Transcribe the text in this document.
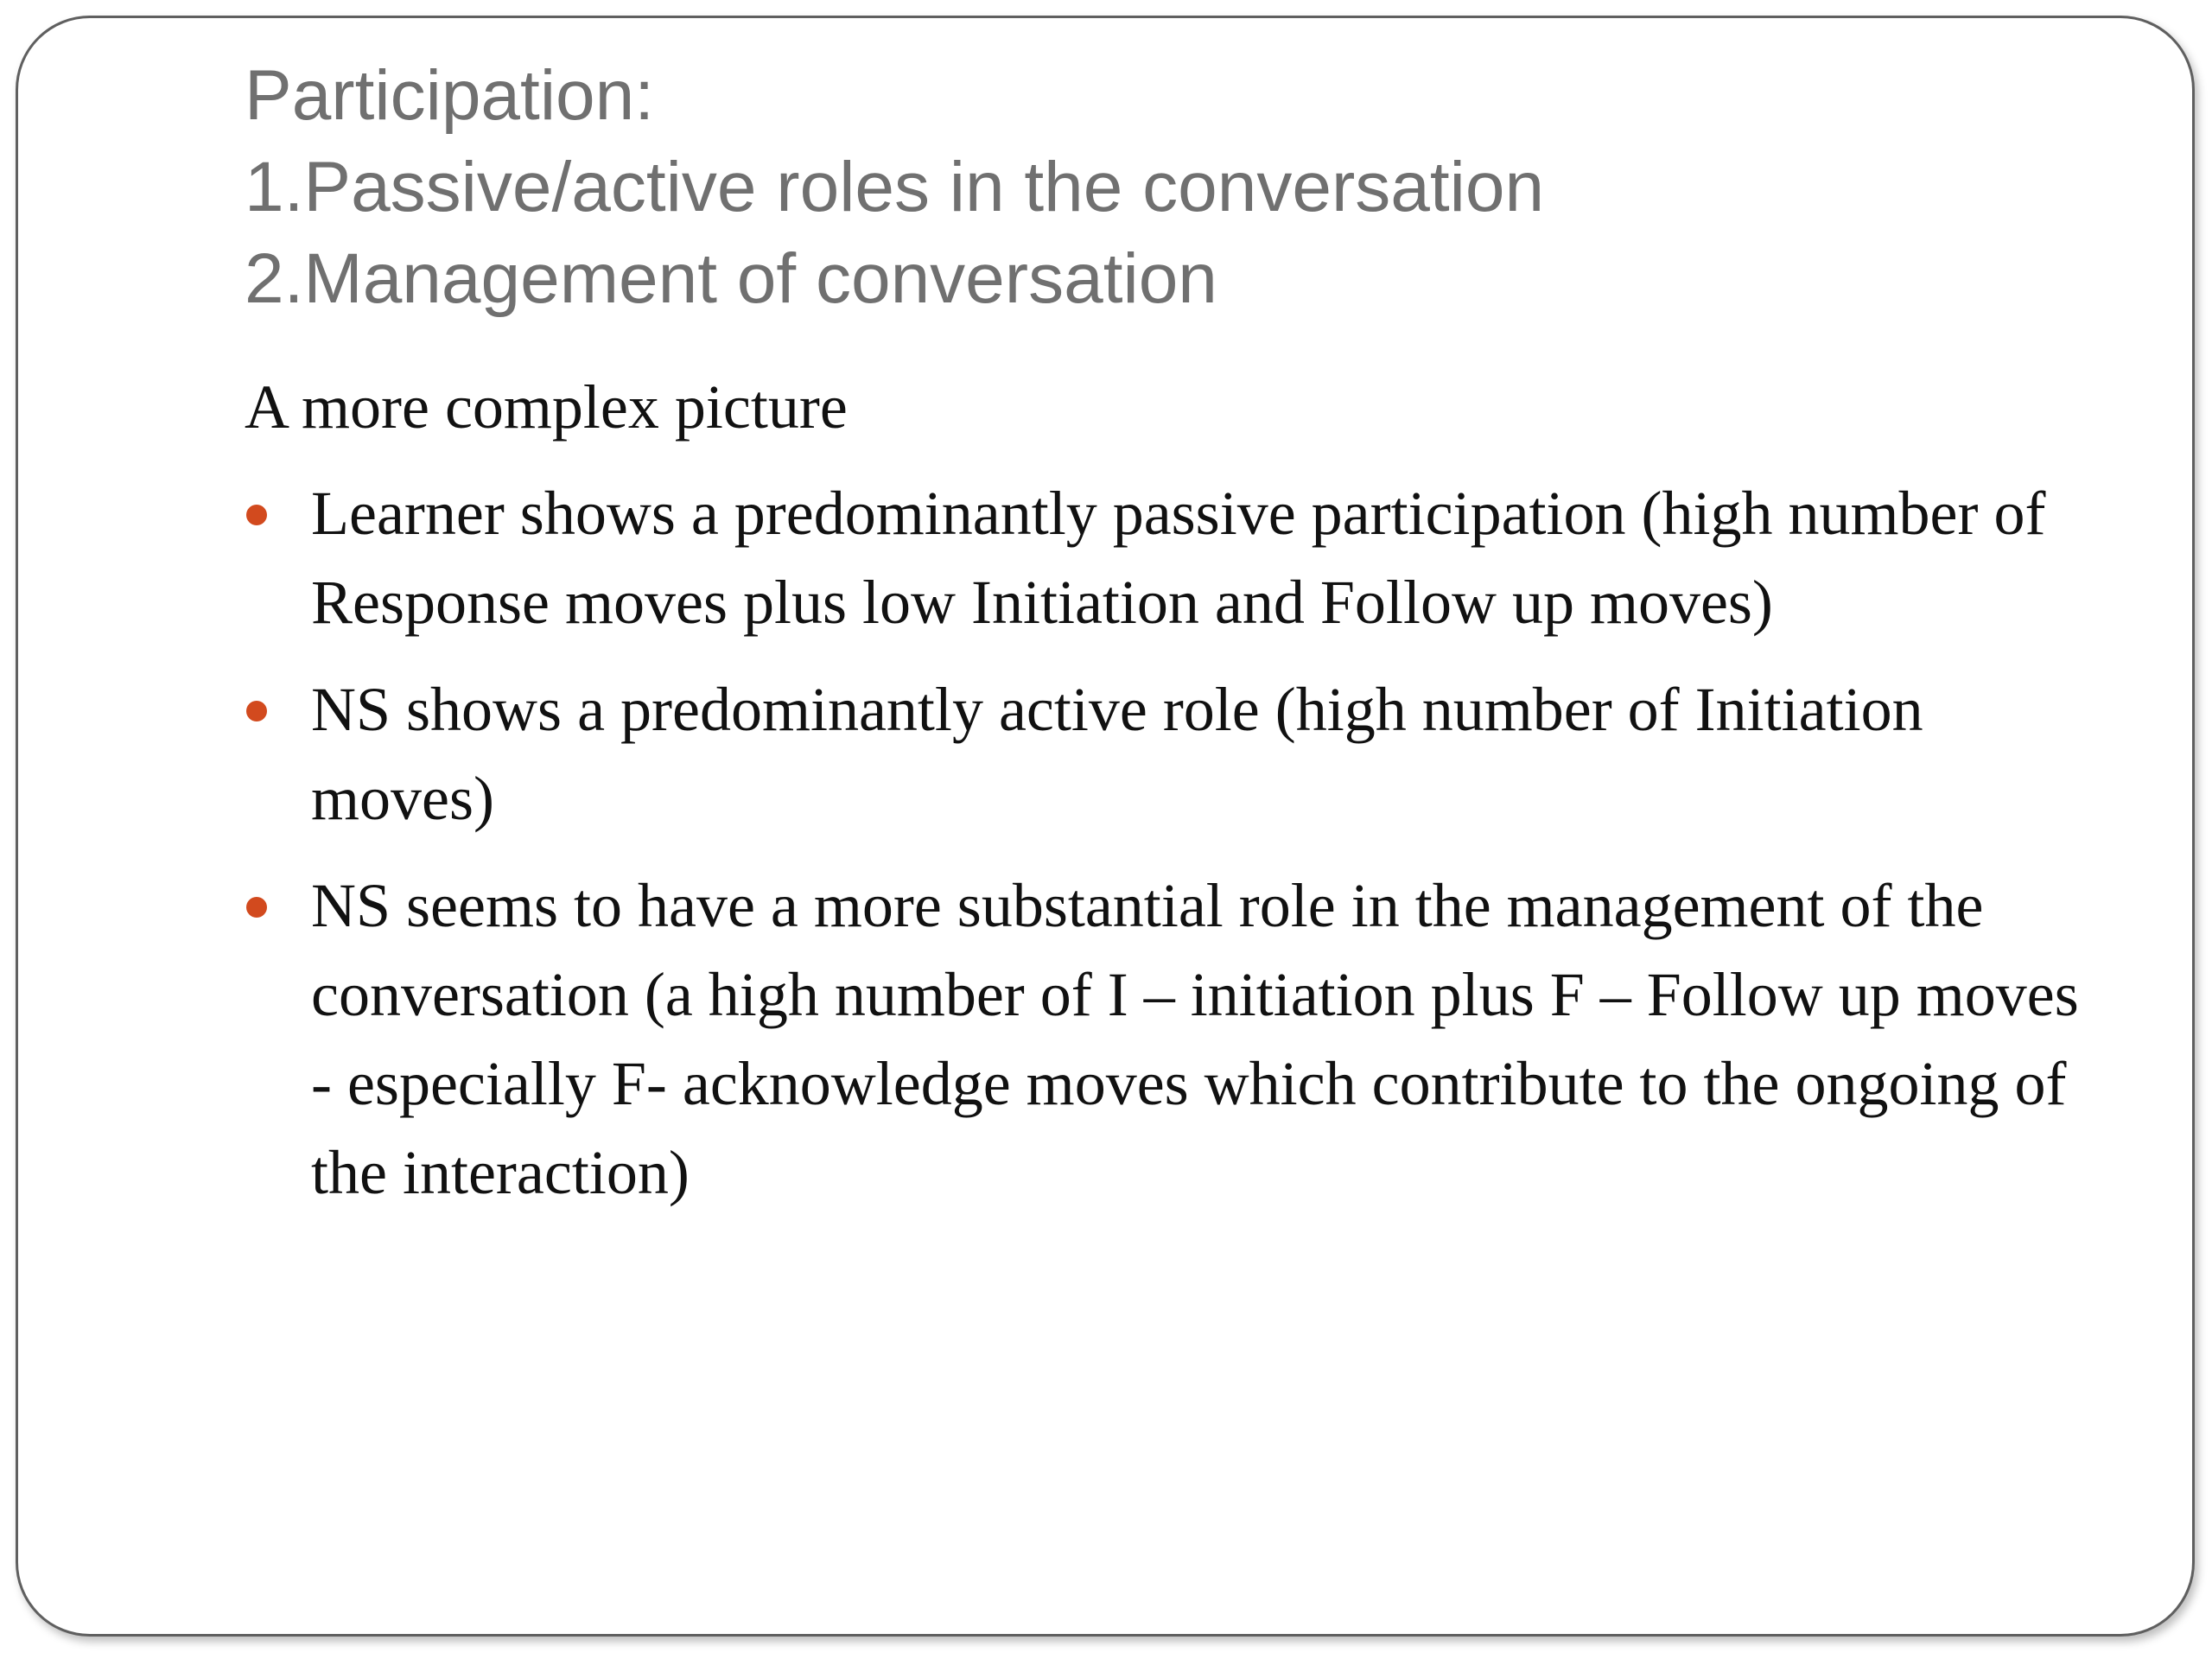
Participation:
1.Passive/active roles in the conversation
2.Management of conversation
A more complex picture
Learner shows a predominantly passive participation (high number of Response moves plus low Initiation and Follow up moves)
NS shows a predominantly active role (high number of Initiation moves)
NS seems to have a more substantial role in the management of the conversation (a high number of I – initiation plus F – Follow up moves - especially F- acknowledge moves which contribute to the ongoing of the interaction)
